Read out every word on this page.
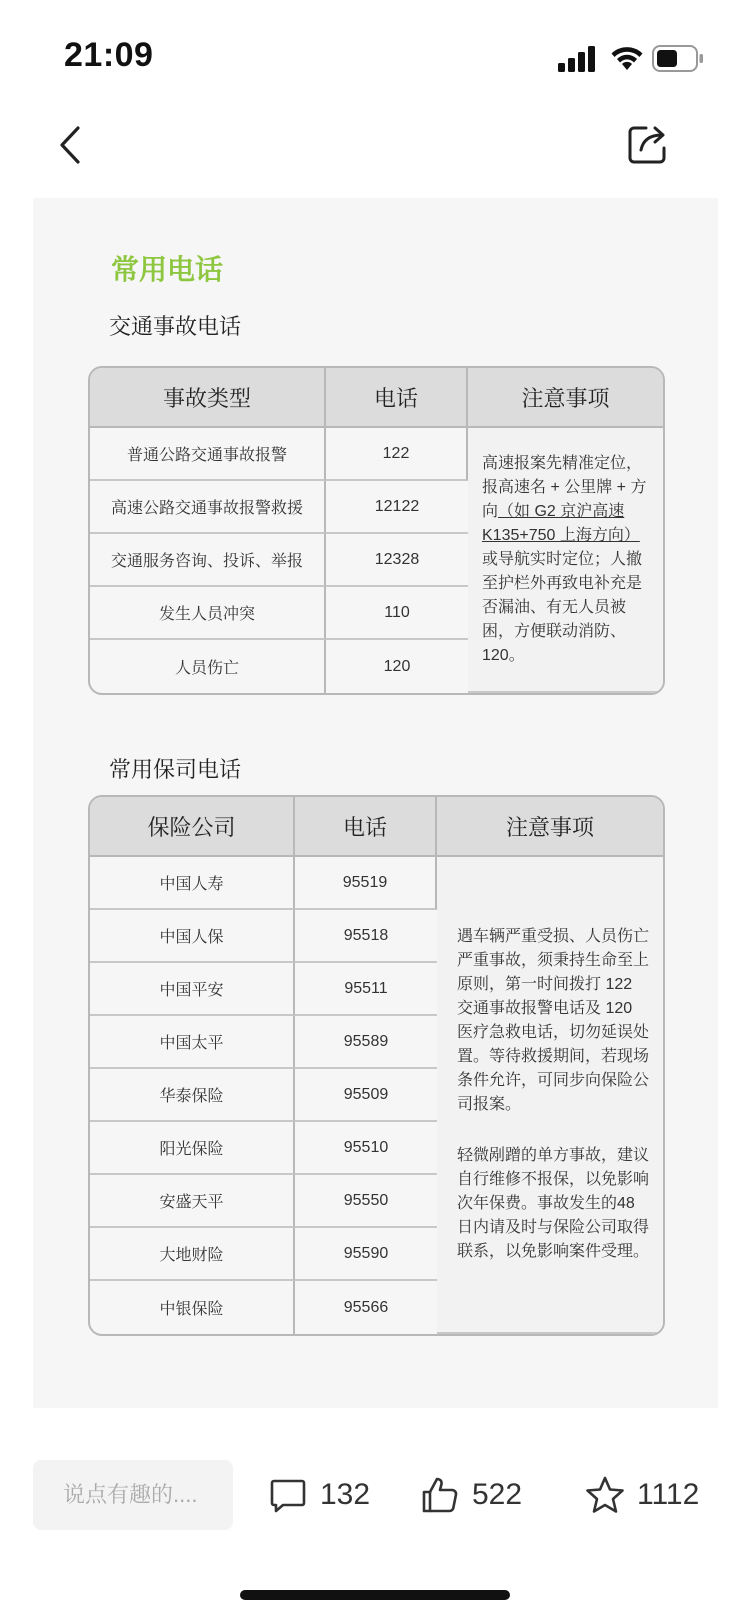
21:09
常用电话
交通事故电话
事故类型	电话	注意事项
普通公路交通事故报警	122	高速报案先精准定位，报高速名 + 公里牌 + 方向（如 G2 京沪高速 K135+750 上海方向）或导航实时定位；人撤至护栏外再致电补充是否漏油、有无人员被困，方便联动消防、120。
高速公路交通事故报警救援	12122	
交通服务咨询、投诉、举报	12328	
发生人员冲突	110	
人员伤亡	120	
常用保司电话
保险公司	电话	注意事项
中国人寿	95519	遇车辆严重受损、人员伤亡严重事故，须秉持生命至上原则，第一时间拨打 122 交通事故报警电话及 120 医疗急救电话，切勿延误处置。等待救援期间，若现场条件允许，可同步向保险公司报案。
轻微剐蹭的单方事故，建议自行维修不报保，以免影响次年保费。事故发生的48日内请及时与保险公司取得联系，以免影响案件受理。

中国人保	95518	
中国平安	95511	
中国太平	95589	
华泰保险	95509	
阳光保险	95510	
安盛天平	95550	
大地财险	95590	
中银保险	95566	
说点有趣的....	132	522	1112
